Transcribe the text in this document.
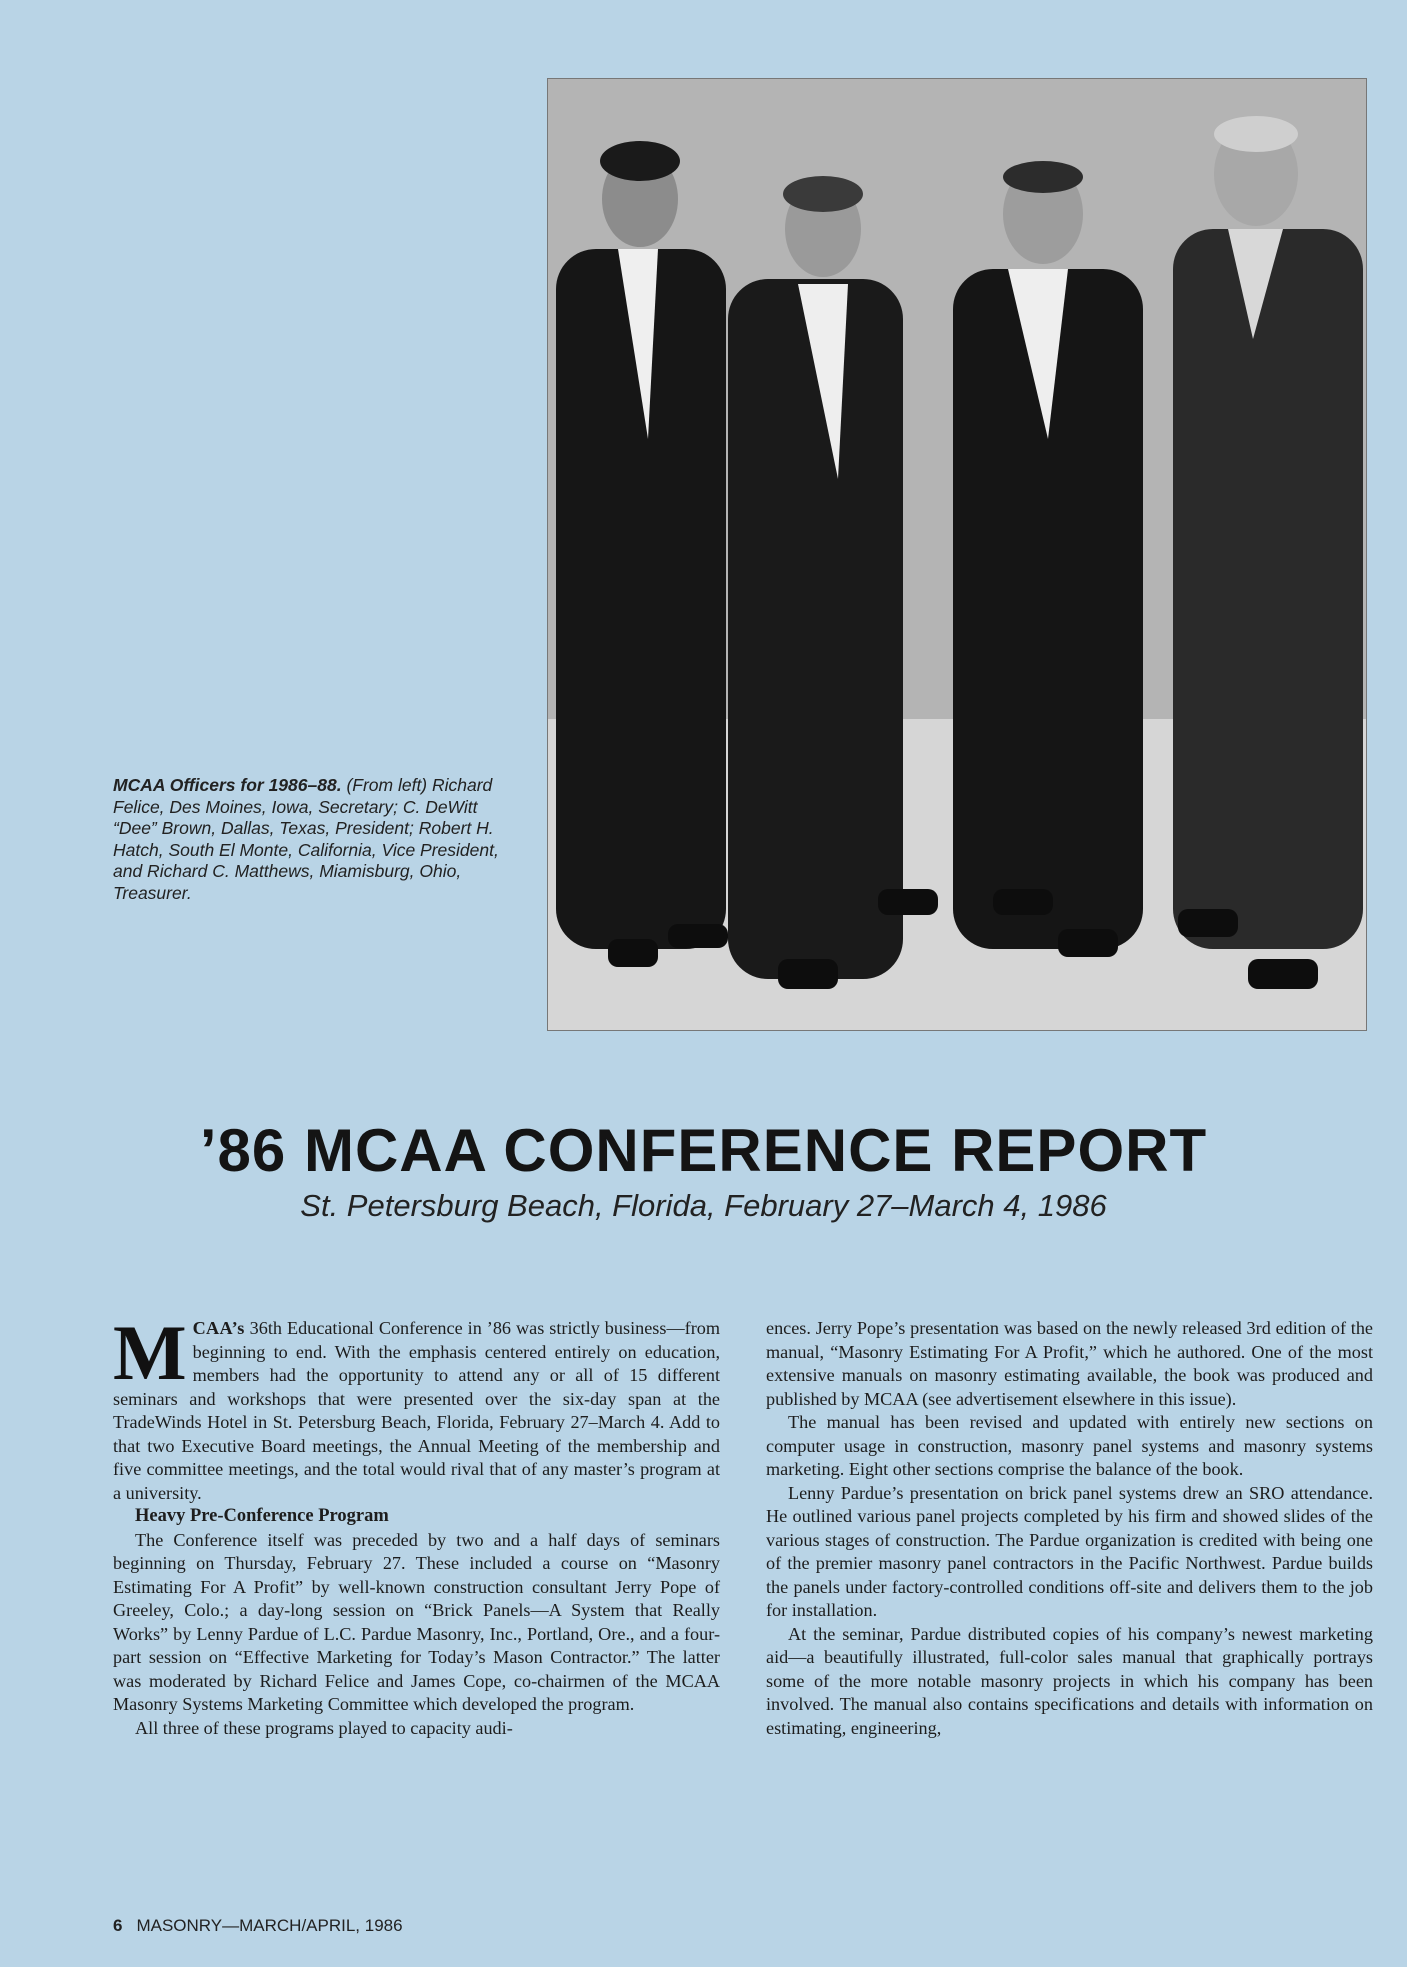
MCAA Officers for 1986–88. (From left) Richard Felice, Des Moines, Iowa, Secretary; C. DeWitt “Dee” Brown, Dallas, Texas, President; Robert H. Hatch, South El Monte, California, Vice President, and Richard C. Matthews, Miamisburg, Ohio, Treasurer.
’86 MCAA CONFERENCE REPORT
St. Petersburg Beach, Florida, February 27–March 4, 1986

MCAA’s 36th Educational Conference in ’86 was strictly business—from beginning to end. With the emphasis centered entirely on education, members had the opportunity to attend any or all of 15 different seminars and workshops that were presented over the six-day span at the TradeWinds Hotel in St. Petersburg Beach, Florida, February 27–March 4. Add to that two Executive Board meetings, the Annual Meeting of the membership and five committee meetings, and the total would rival that of any master’s program at a university.

Heavy Pre-Conference Program

The Conference itself was preceded by two and a half days of seminars beginning on Thursday, February 27. These included a course on “Masonry Estimating For A Profit” by well-known construction consultant Jerry Pope of Greeley, Colo.; a day-long session on “Brick Panels—A System that Really Works” by Lenny Pardue of L.C. Pardue Masonry, Inc., Portland, Ore., and a four-part session on “Effective Marketing for Today’s Mason Contractor.” The latter was moderated by Richard Felice and James Cope, co-chairmen of the MCAA Masonry Systems Marketing Committee which developed the program.

All three of these programs played to capacity audi-

ences. Jerry Pope’s presentation was based on the newly released 3rd edition of the manual, “Masonry Estimating For A Profit,” which he authored. One of the most extensive manuals on masonry estimating available, the book was produced and published by MCAA (see advertisement elsewhere in this issue).

The manual has been revised and updated with entirely new sections on computer usage in construction, masonry panel systems and masonry systems marketing. Eight other sections comprise the balance of the book.

Lenny Pardue’s presentation on brick panel systems drew an SRO attendance. He outlined various panel projects completed by his firm and showed slides of the various stages of construction. The Pardue organization is credited with being one of the premier masonry panel contractors in the Pacific Northwest. Pardue builds the panels under factory-controlled conditions off-site and delivers them to the job for installation.

At the seminar, Pardue distributed copies of his company’s newest marketing aid—a beautifully illustrated, full-color sales manual that graphically portrays some of the more notable masonry projects in which his company has been involved. The manual also contains specifications and details with information on estimating, engineering,

6 MASONRY—MARCH/APRIL, 1986
